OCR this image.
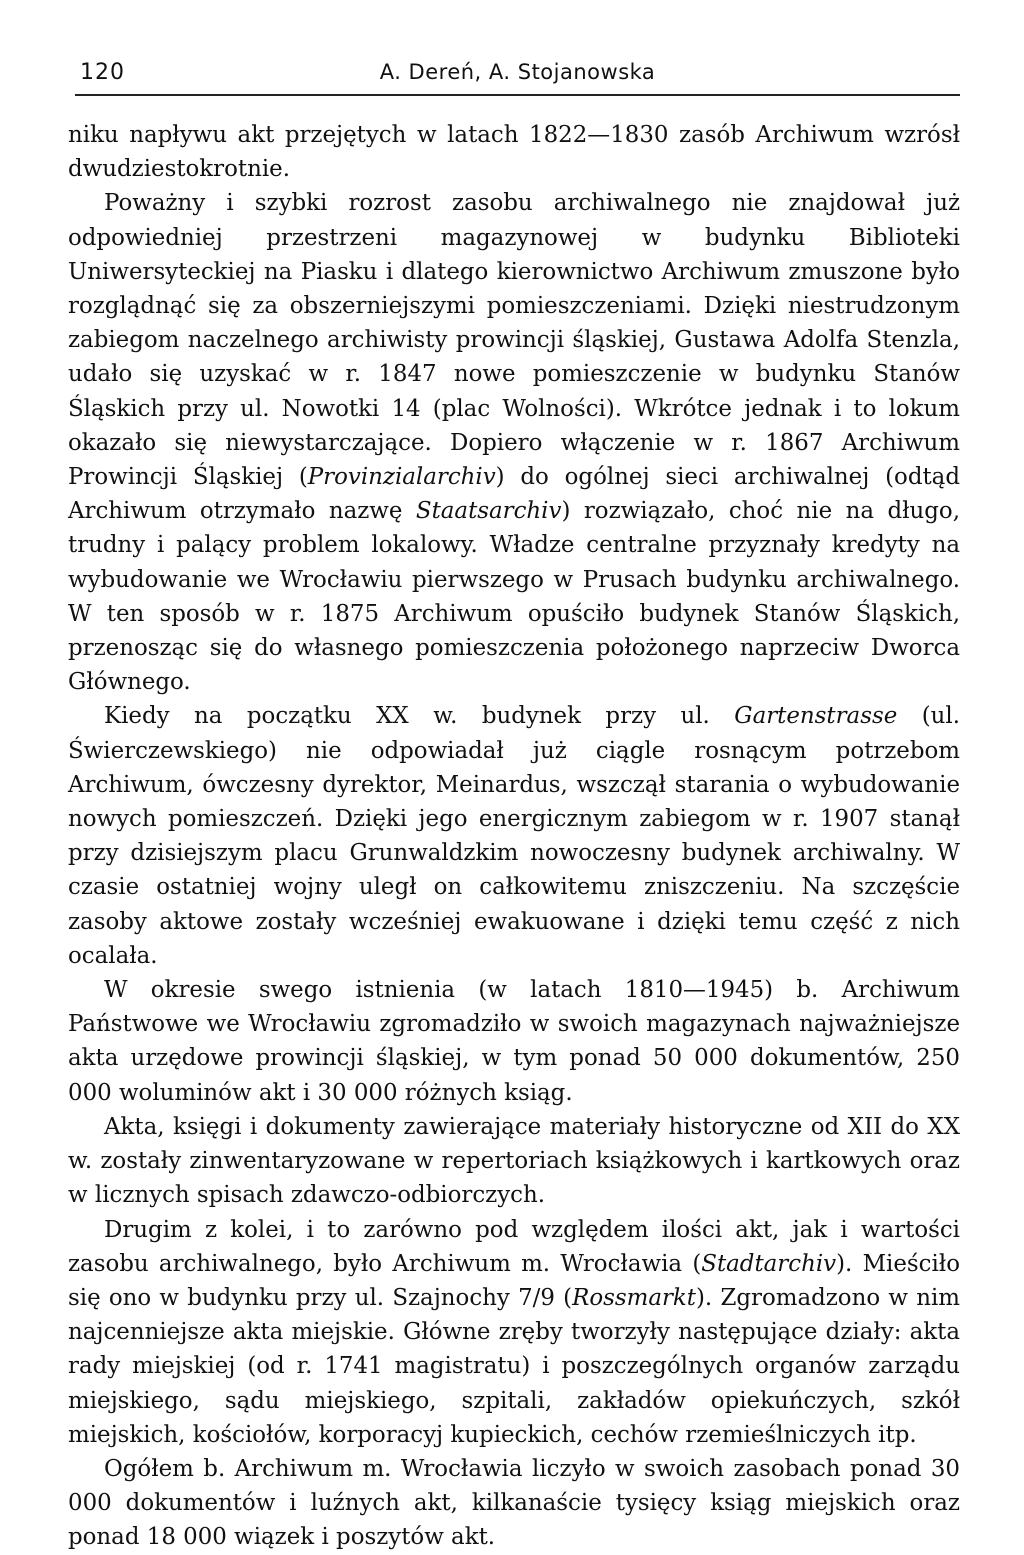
120	A. Dereń, A. Stojanowska

niku napływu akt przejętych w latach 1822—1830 zasób Archiwum wzrósł dwudziestokrotnie.

Poważny i szybki rozrost zasobu archiwalnego nie znajdował już odpowiedniej przestrzeni magazynowej w budynku Biblioteki Uniwersyteckiej na Piasku i dlatego kierownictwo Archiwum zmuszone było rozglądnąć się za obszerniejszymi pomieszczeniami. Dzięki niestrudzonym zabiegom naczelnego archiwisty prowincji śląskiej, Gustawa Adolfa Stenzla, udało się uzyskać w r. 1847 nowe pomieszczenie w budynku Stanów Śląskich przy ul. Nowotki 14 (plac Wolności). Wkrótce jednak i to lokum okazało się niewystarczające. Dopiero włączenie w r. 1867 Archiwum Prowincji Śląskiej (Provinzialarchiv) do ogólnej sieci archiwalnej (odtąd Archiwum otrzymało nazwę Staatsarchiv) rozwiązało, choć nie na długo, trudny i palący problem lokalowy. Władze centralne przyznały kredyty na wybudowanie we Wrocławiu pierwszego w Prusach budynku archiwalnego. W ten sposób w r. 1875 Archiwum opuściło budynek Stanów Śląskich, przenosząc się do własnego pomieszczenia położonego naprzeciw Dworca Głównego.

Kiedy na początku XX w. budynek przy ul. Gartenstrasse (ul. Świerczewskiego) nie odpowiadał już ciągle rosnącym potrzebom Archiwum, ówczesny dyrektor, Meinardus, wszczął starania o wybudowanie nowych pomieszczeń. Dzięki jego energicznym zabiegom w r. 1907 stanął przy dzisiejszym placu Grunwaldzkim nowoczesny budynek archiwalny. W czasie ostatniej wojny uległ on całkowitemu zniszczeniu. Na szczęście zasoby aktowe zostały wcześniej ewakuowane i dzięki temu część z nich ocalała.

W okresie swego istnienia (w latach 1810—1945) b. Archiwum Państwowe we Wrocławiu zgromadziło w swoich magazynach najważniejsze akta urzędowe prowincji śląskiej, w tym ponad 50 000 dokumentów, 250 000 woluminów akt i 30 000 różnych ksiąg.

Akta, księgi i dokumenty zawierające materiały historyczne od XII do XX w. zostały zinwentaryzowane w repertoriach książkowych i kartkowych oraz w licznych spisach zdawczo-odbiorczych.

Drugim z kolei, i to zarówno pod względem ilości akt, jak i wartości zasobu archiwalnego, było Archiwum m. Wrocławia (Stadtarchiv). Mieściło się ono w budynku przy ul. Szajnochy 7/9 (Rossmarkt). Zgromadzono w nim najcenniejsze akta miejskie. Główne zręby tworzyły następujące działy: akta rady miejskiej (od r. 1741 magistratu) i poszczególnych organów zarządu miejskiego, sądu miejskiego, szpitali, zakładów opiekuńczych, szkół miejskich, kościołów, korporacyj kupieckich, cechów rzemieślniczych itp.

Ogółem b. Archiwum m. Wrocławia liczyło w swoich zasobach ponad 30 000 dokumentów i luźnych akt, kilkanaście tysięcy ksiąg miejskich oraz ponad 18 000 wiązek i poszytów akt.
